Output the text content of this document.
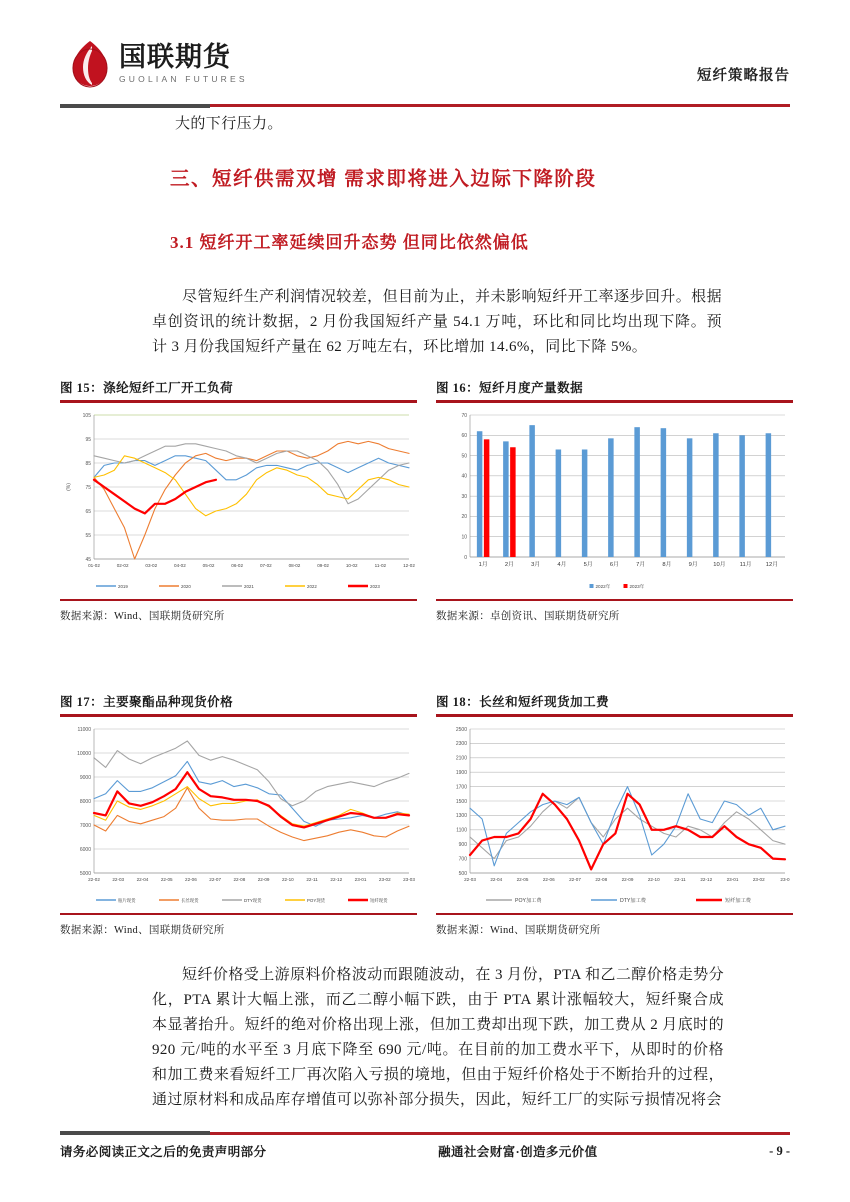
国联期货
GUOLIAN FUTURES	短纤策略报告
大的下行压力。
三、短纤供需双增 需求即将进入边际下降阶段
3.1 短纤开工率延续回升态势 但同比依然偏低

尽管短纤生产利润情况较差，但目前为止，并未影响短纤开工率逐步回升。根据卓创资讯的统计数据，2 月份我国短纤产量 54.1 万吨，环比和同比均出现下降。预计 3 月份我国短纤产量在 62 万吨左右，环比增加 14.6%，同比下降 5%。

图 15：涤纶短纤工厂开工负荷
45
55
65
75
85
95
105
(%)
01-02	02-02	03-02	04-02	05-02	06-02	07-02	08-02	09-02	10-02	11-02	12-02
2019	2020	2021	2022	2023
数据来源：Wind、国联期货研究所
图 16：短纤月度产量数据
0
10
20
30
40
50
60
70
1月	2月	3月	4月	5月	6月	7月	8月	9月	10月 11月 12月
2022年	2023年
数据来源：卓创资讯、国联期货研究所
图 17：主要聚酯品种现货价格
5000
6000
7000
8000
9000
10000
11000
22-02	22-03	22-04	22-05	22-06	22-07	22-08	22-09	22-10	22-11	22-12	23-01	23-02	23-03
瓶片现货	长丝现货	DTY现货	POY现货	短纤现货
数据来源：Wind、国联期货研究所
图 18：长丝和短纤现货加工费
500
700
900
1100
1300
1500
1700
1900
2100
2300
2500
22-03	22-04	22-05	22-06	22-07	22-08	22-09	22-10	22-11	22-12	23-01	23-02	23-0
POY加工费	DTY加工费	短纤加工费
数据来源：Wind、国联期货研究所

短纤价格受上游原料价格波动而跟随波动，在 3 月份，PTA 和乙二醇价格走势分化，PTA 累计大幅上涨，而乙二醇小幅下跌，由于 PTA 累计涨幅较大，短纤聚合成本显著抬升。短纤的绝对价格出现上涨，但加工费却出现下跌，加工费从 2 月底时的 920 元/吨的水平至 3 月底下降至 690 元/吨。在目前的加工费水平下，从即时的价格和加工费来看短纤工厂再次陷入亏损的境地，但由于短纤价格处于不断抬升的过程，通过原材料和成品库存增值可以弥补部分损失，因此，短纤工厂的实际亏损情况将会

请务必阅读正文之后的免责声明部分	融通社会财富·创造多元价值	- 9 -
